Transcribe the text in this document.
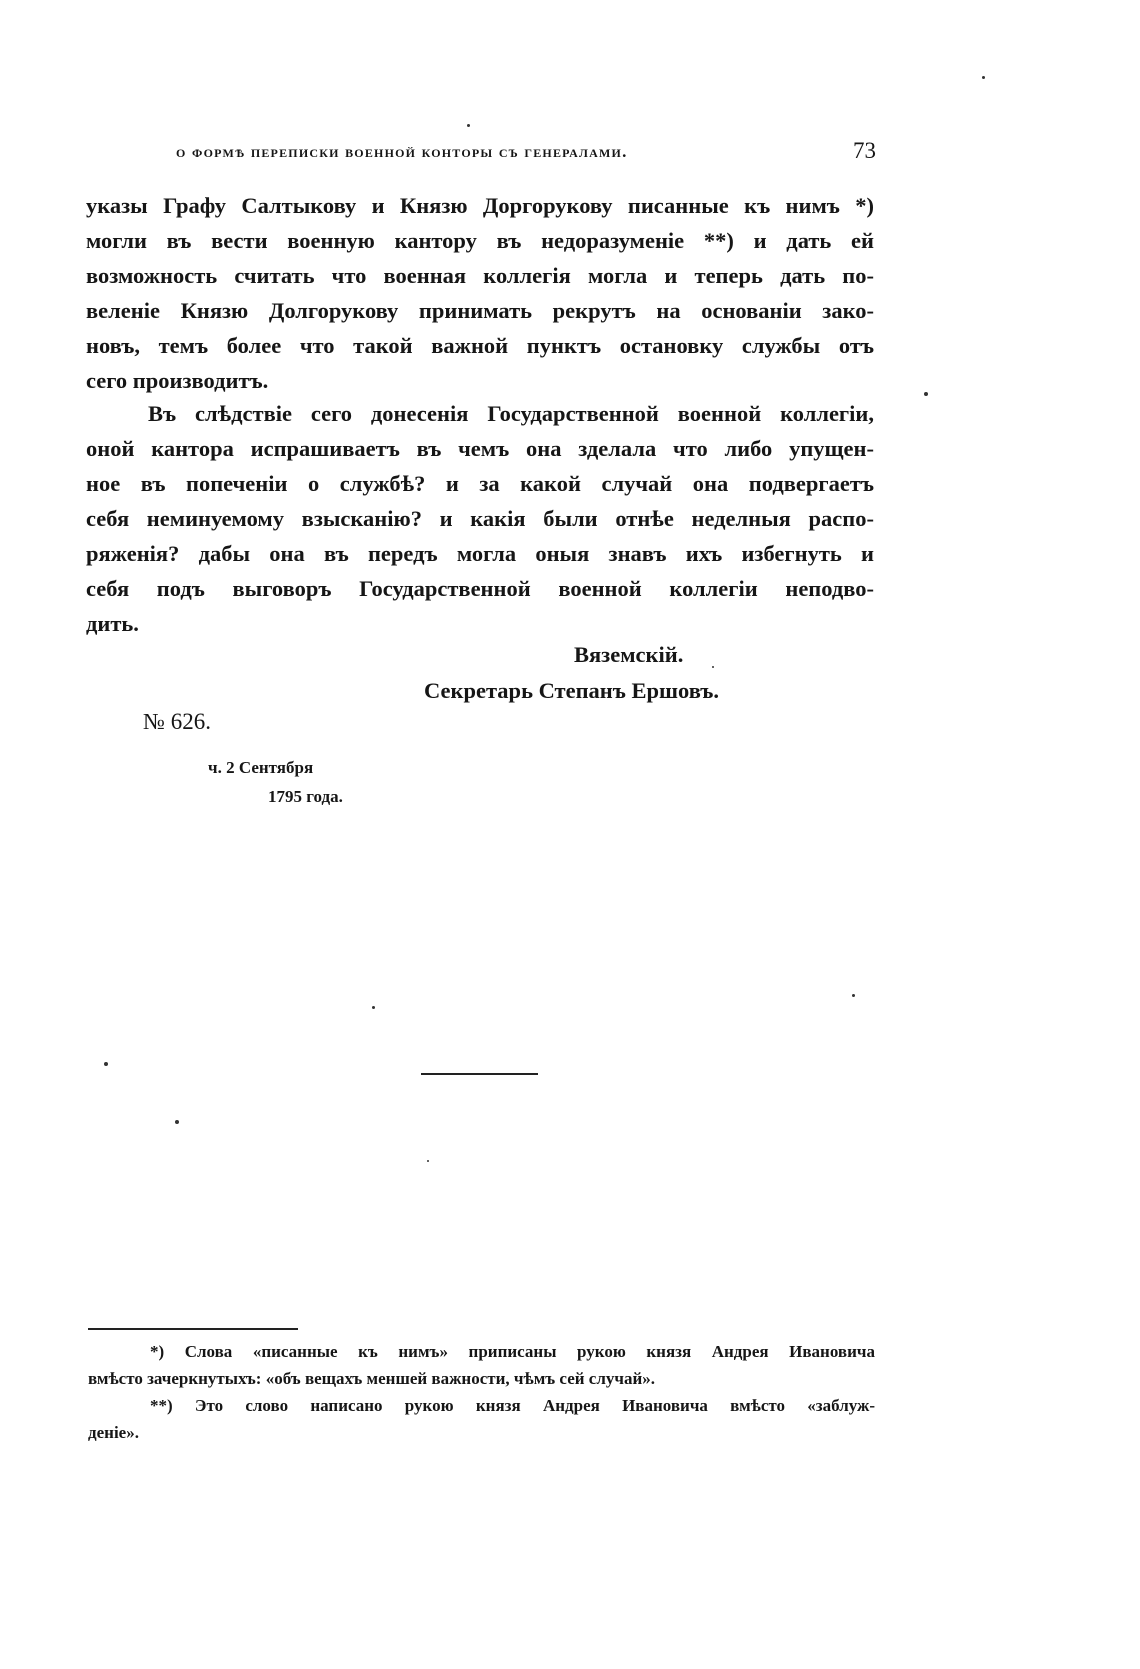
о формѣ переписки военной конторы съ генералами.	73
указы Графу Салтыкову и Князю Доргорукову писанные къ нимъ *)
могли въ вести военную кантору въ недоразуменіе **) и дать ей
возможность считать что военная коллегія могла и теперь дать по-
веленіе Князю Долгорукову принимать рекрутъ на основаніи зако-
новъ, темъ более что такой важной пунктъ остановку службы отъ
сего производитъ.
Въ слѣдствіе сего донесенія Государственной военной коллегіи,
оной кантора испрашиваетъ въ чемъ она зделала что либо упущен-
ное въ попеченіи о службѣ? и за какой случай она подвергаетъ
себя неминуемому взысканію? и какія были отнѣе неделныя распо-
ряженія? дабы она въ передъ могла оныя знавъ ихъ избегнуть и
себя подъ выговоръ Государственной военной коллегіи неподво-
дить.
Вяземскій.
Секретарь Степанъ Ершовъ.
№ 626.
ч. 2 Сентября
1795 года.
*) Слова «писанные къ нимъ» приписаны рукою князя Андрея Ивановича
вмѣсто зачеркнутыхъ: «объ вещахъ меншей важности, чѣмъ сей случай».
**) Это слово написано рукою князя Андрея Ивановича вмѣсто «заблуж-
деніе».
